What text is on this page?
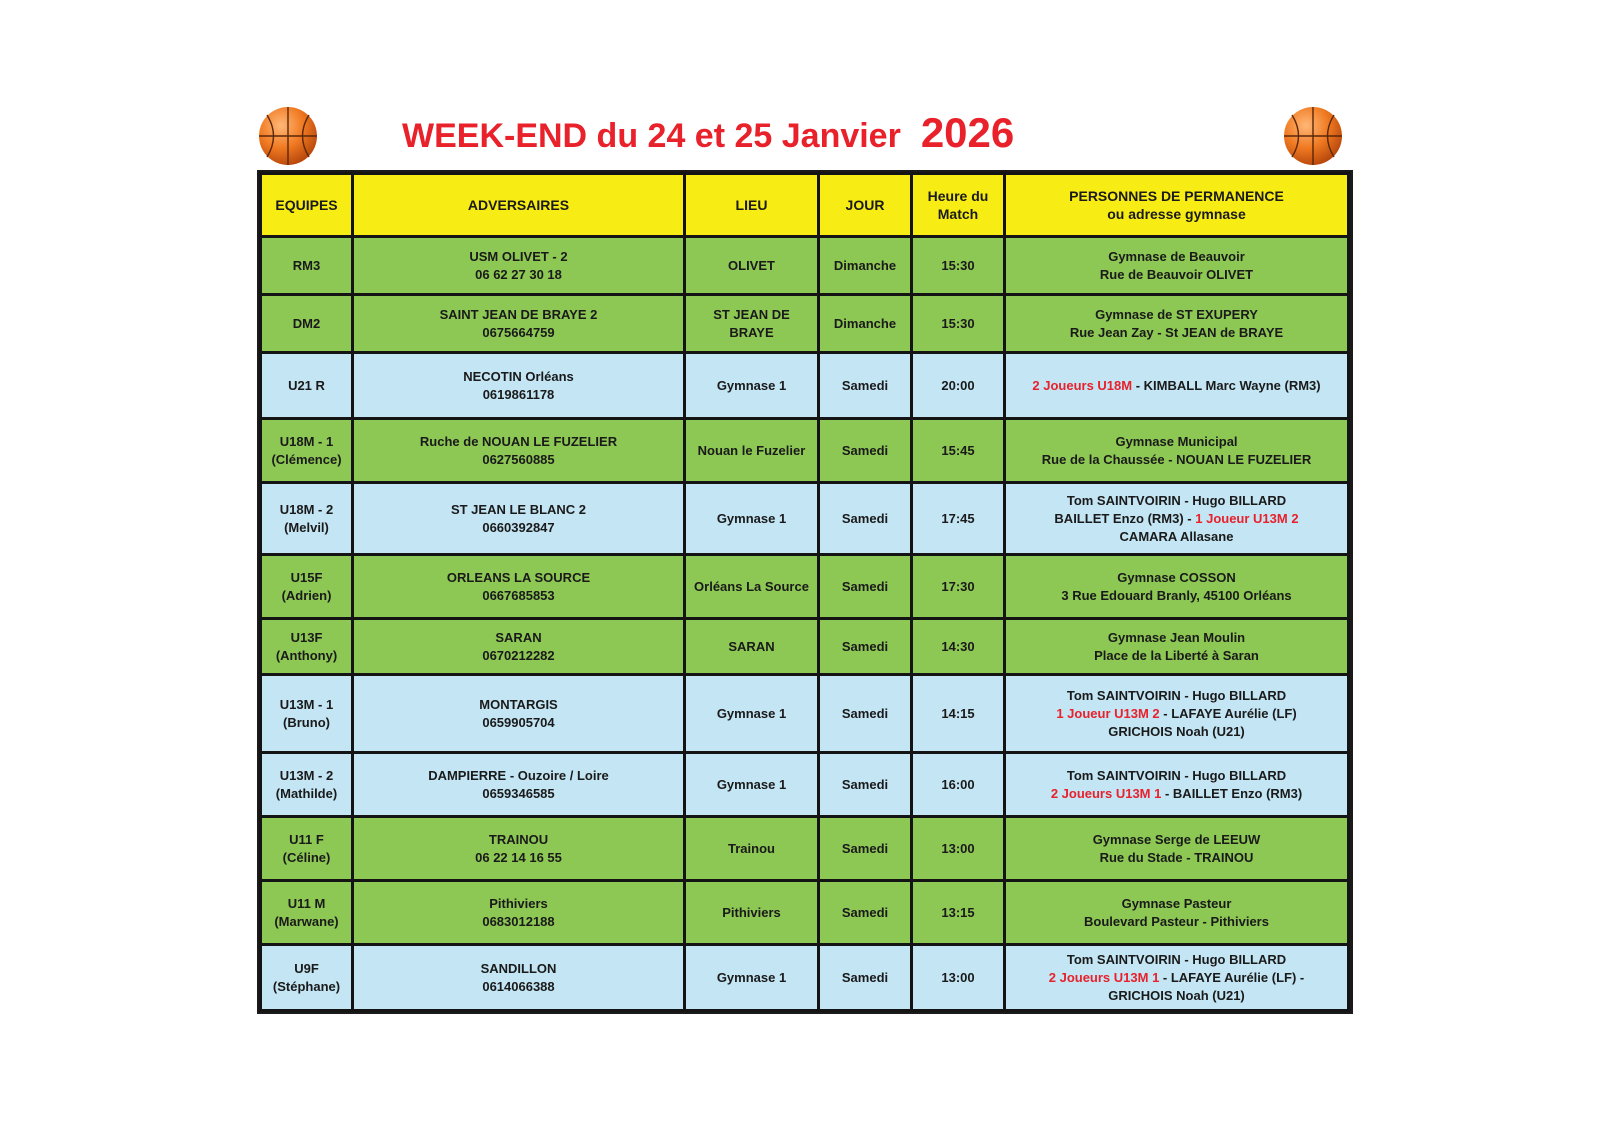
WEEK-END du 24 et 25 Janvier 2026
EQUIPES	ADVERSAIRES	LIEU	JOUR	Heure du
Match	PERSONNES DE PERMANENCE
ou adresse gymnase

RM3	USM OLIVET - 2
06 62 27 30 18	OLIVET	Dimanche	15:30	Gymnase de Beauvoir
Rue de Beauvoir OLIVET

DM2	SAINT JEAN DE BRAYE 2
0675664759	ST JEAN DE
BRAYE	Dimanche	15:30	Gymnase de ST EXUPERY
Rue Jean Zay - St JEAN de BRAYE

U21 R	NECOTIN Orléans
0619861178	Gymnase 1	Samedi	20:00	2 Joueurs U18M - KIMBALL Marc Wayne (RM3)

U18M - 1
(Clémence)	Ruche de NOUAN LE FUZELIER
0627560885	Nouan le Fuzelier	Samedi	15:45	Gymnase Municipal
Rue de la Chaussée - NOUAN LE FUZELIER

U18M - 2
(Melvil)	ST JEAN LE BLANC 2
0660392847	Gymnase 1	Samedi	17:45	Tom SAINTVOIRIN - Hugo BILLARD
BAILLET Enzo (RM3) - 1 Joueur U13M 2
CAMARA Allasane

U15F
(Adrien)	ORLEANS LA SOURCE
0667685853	Orléans La Source	Samedi	17:30	Gymnase COSSON
3 Rue Edouard Branly, 45100 Orléans

U13F
(Anthony)	SARAN
0670212282	SARAN	Samedi	14:30	Gymnase Jean Moulin
Place de la Liberté à Saran

U13M - 1
(Bruno)	MONTARGIS
0659905704	Gymnase 1	Samedi	14:15	Tom SAINTVOIRIN - Hugo BILLARD
1 Joueur U13M 2 - LAFAYE Aurélie (LF)
GRICHOIS Noah (U21)

U13M - 2
(Mathilde)	DAMPIERRE - Ouzoire / Loire
0659346585	Gymnase 1	Samedi	16:00	Tom SAINTVOIRIN - Hugo BILLARD
2 Joueurs U13M 1 - BAILLET Enzo (RM3)

U11 F
(Céline)	TRAINOU
06 22 14 16 55	Trainou	Samedi	13:00	Gymnase Serge de LEEUW
Rue du Stade - TRAINOU

U11 M
(Marwane)	Pithiviers
0683012188	Pithiviers	Samedi	13:15	Gymnase Pasteur
Boulevard Pasteur - Pithiviers

U9F
(Stéphane)	SANDILLON
0614066388	Gymnase 1	Samedi	13:00	Tom SAINTVOIRIN - Hugo BILLARD
2 Joueurs U13M 1 - LAFAYE Aurélie (LF) -
GRICHOIS Noah (U21)
